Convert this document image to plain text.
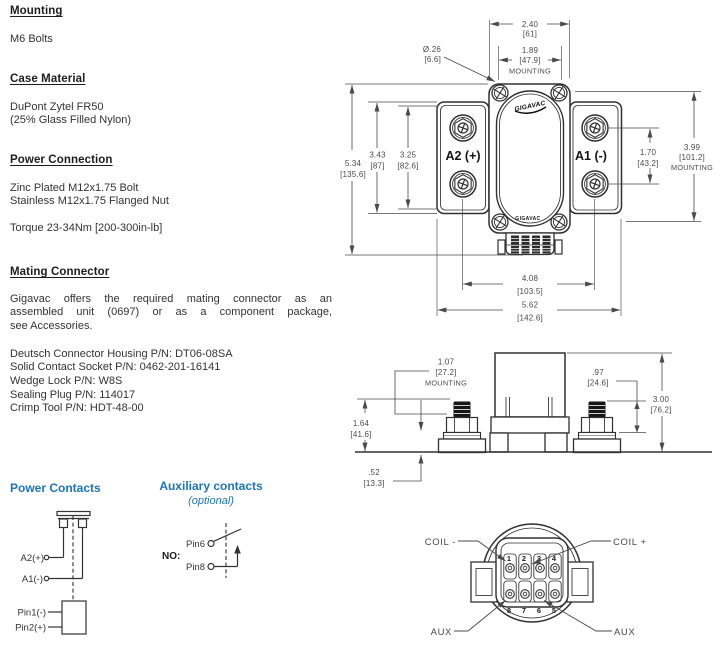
Mounting
M6 Bolts
Case Material
DuPont Zytel FR50
(25% Glass Filled Nylon)
Power Connection
Zinc Plated M12x1.75 Bolt
Stainless M12x1.75 Flanged Nut
Torque 23-34Nm [200-300in-lb]
Mating Connector
Gigavac offers the required mating connector as an
assembled unit (0697) or as a component package,
see Accessories.
Deutsch Connector Housing P/N: DT06-08SA
Solid Contact Socket P/N: 0462-201-16141
Wedge Lock P/N: W8S
Sealing Plug P/N: 114017
Crimp Tool P/N: HDT-48-00
Power Contacts	Auxiliary contacts
(optional)
A2(+)
A1(-)
Pin1(-)
Pin2(+)
NO:
Pin6
Pin8
GIGAVAC
GIGAVAC
A2 (+)	A1 (-)
2.40
[61]
1.89
[47.9]
MOUNTING
Ø.26
[6.6]
5.34
[135.6]
3.43
[87]
3.25
[82.6]
1.70
[43.2]
3.99
[101.2]
MOUNTING
4.08
[103.5]
5.62
[142.6]
1.64
[41.6]
.52
[13.3]
1.07
[27.2]
MOUNTING
.97
[24.6]
3.00
[76.2]
1 2 3 4
8 7 6 5
COIL -	COIL +
AUX	AUX
